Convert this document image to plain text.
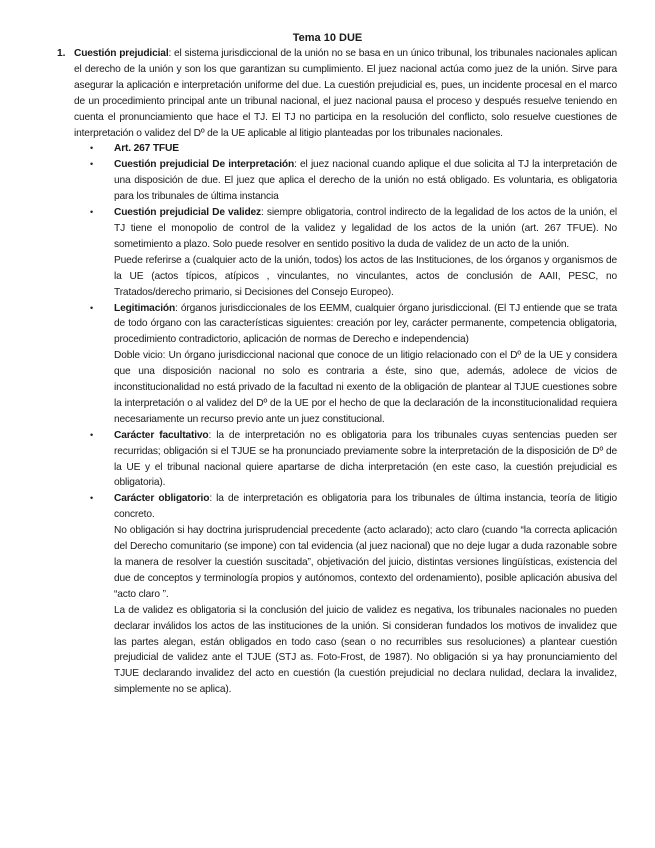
Tema 10 DUE
1. Cuestión prejudicial: el sistema jurisdiccional de la unión no se basa en un único tribunal, los tribunales nacionales aplican el derecho de la unión y son los que garantizan su cumplimiento. El juez nacional actúa como juez de la unión. Sirve para asegurar la aplicación e interpretación uniforme del due. La cuestión prejudicial es, pues, un incidente procesal en el marco de un procedimiento principal ante un tribunal nacional, el juez nacional pausa el proceso y después resuelve teniendo en cuenta el pronunciamiento que hace el TJ. El TJ no participa en la resolución del conflicto, solo resuelve cuestiones de interpretación o validez del Dº de la UE aplicable al litigio planteadas por los tribunales nacionales.
• Art. 267 TFUE
• Cuestión prejudicial De interpretación: el juez nacional cuando aplique el due solicita al TJ la interpretación de una disposición de due. El juez que aplica el derecho de la unión no está obligado. Es voluntaria, es obligatoria para los tribunales de última instancia
• Cuestión prejudicial De validez: siempre obligatoria, control indirecto de la legalidad de los actos de la unión, el TJ tiene el monopolio de control de la validez y legalidad de los actos de la unión (art. 267 TFUE). No sometimiento a plazo. Solo puede resolver en sentido positivo la duda de validez de un acto de la unión.

Puede referirse a (cualquier acto de la unión, todos) los actos de las Instituciones, de los órganos y organismos de la UE (actos típicos, atípicos , vinculantes, no vinculantes, actos de conclusión de AAII, PESC, no Tratados/derecho primario, si Decisiones del Consejo Europeo).

• Legitimación: órganos jurisdiccionales de los EEMM, cualquier órgano jurisdiccional. (El TJ entiende que se trata de todo órgano con las características siguientes: creación por ley, carácter permanente, competencia obligatoria, procedimiento contradictorio, aplicación de normas de Derecho e independencia)

Doble vicio: Un órgano jurisdiccional nacional que conoce de un litigio relacionado con el Dº de la UE y considera que una disposición nacional no solo es contraria a éste, sino que, además, adolece de vicios de inconstitucionalidad no está privado de la facultad ni exento de la obligación de plantear al TJUE cuestiones sobre la interpretación o al validez del Dº de la UE por el hecho de que la declaración de la inconstitucionalidad requiera necesariamente un recurso previo ante un juez constitucional.

• Carácter facultativo: la de interpretación no es obligatoria para los tribunales cuyas sentencias pueden ser recurridas; obligación si el TJUE se ha pronunciado previamente sobre la interpretación de la disposición de Dº de la UE y el tribunal nacional quiere apartarse de dicha interpretación (en este caso, la cuestión prejudicial es obligatoria).
• Carácter obligatorio: la de interpretación es obligatoria para los tribunales de última instancia, teoría de litigio concreto.

No obligación si hay doctrina jurisprudencial precedente (acto aclarado); acto claro (cuando “la correcta aplicación del Derecho comunitario (se impone) con tal evidencia (al juez nacional) que no deje lugar a duda razonable sobre la manera de resolver la cuestión suscitada”, objetivación del juicio, distintas versiones lingüísticas, existencia del due de conceptos y terminología propios y autónomos, contexto del ordenamiento), posible aplicación abusiva del “acto claro ”.

La de validez es obligatoria si la conclusión del juicio de validez es negativa, los tribunales nacionales no pueden declarar inválidos los actos de las instituciones de la unión. Si consideran fundados los motivos de invalidez que las partes alegan, están obligados en todo caso (sean o no recurribles sus resoluciones) a plantear cuestión prejudicial de validez ante el TJUE (STJ as. Foto-Frost, de 1987). No obligación si ya hay pronunciamiento del TJUE declarando invalidez del acto en cuestión (la cuestión prejudicial no declara nulidad, declara la invalidez, simplemente no se aplica).
